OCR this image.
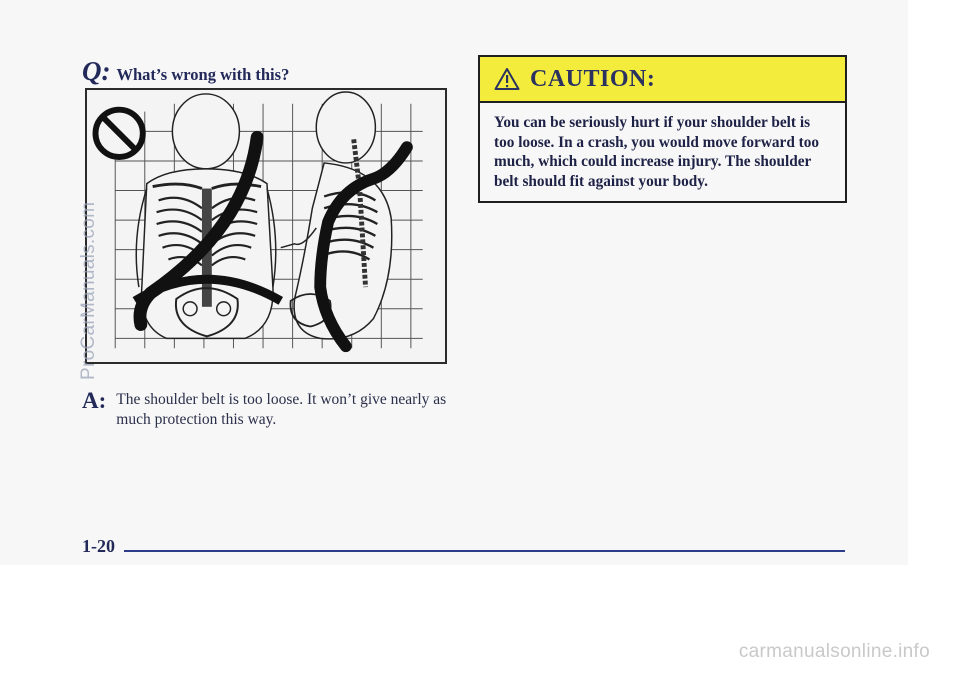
Q: What’s wrong with this?
A: The shoulder belt is too loose. It won’t give nearly as much protection this way.
CAUTION:
You can be seriously hurt if your shoulder belt is too loose. In a crash, you would move forward too much, which could increase injury. The shoulder belt should fit against your body.
1-20
ProCarManuals.com
carmanualsonline.info
